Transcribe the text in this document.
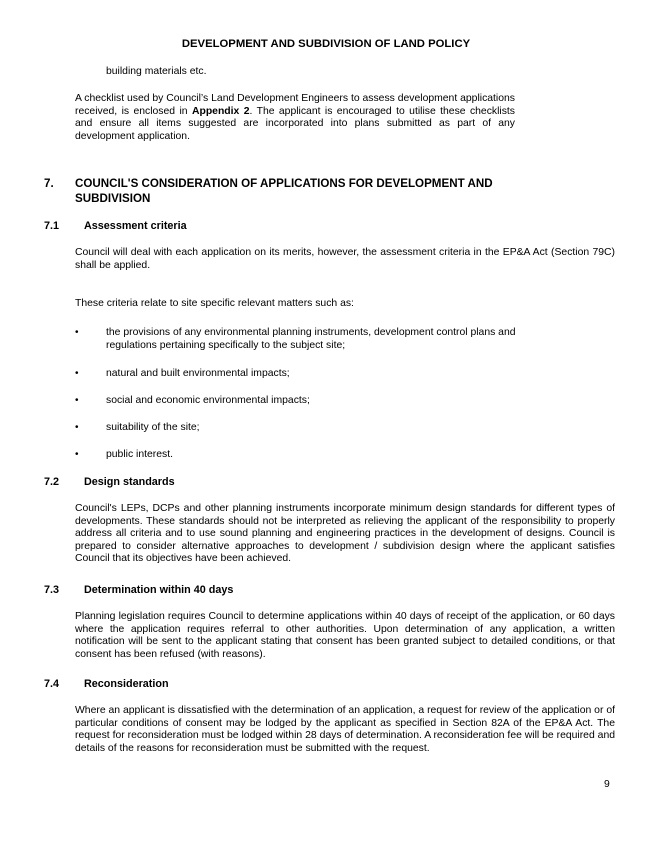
DEVELOPMENT AND SUBDIVISION OF LAND POLICY
building materials etc.
A checklist used by Council’s Land Development Engineers to assess development applications received, is enclosed in Appendix 2. The applicant is encouraged to utilise these checklists and ensure all items suggested are incorporated into plans submitted as part of any development application.
7. COUNCIL'S CONSIDERATION OF APPLICATIONS FOR DEVELOPMENT AND SUBDIVISION
7.1 Assessment criteria
Council will deal with each application on its merits, however, the assessment criteria in the EP&A Act (Section 79C) shall be applied.
These criteria relate to site specific relevant matters such as:
•	the provisions of any environmental planning instruments, development control plans and regulations pertaining specifically to the subject site;
•	natural and built environmental impacts;
•	social and economic environmental impacts;
•	suitability of the site;
•	public interest.
7.2 Design standards
Council's LEPs, DCPs and other planning instruments incorporate minimum design standards for different types of developments. These standards should not be interpreted as relieving the applicant of the responsibility to properly address all criteria and to use sound planning and engineering practices in the development of designs. Council is prepared to consider alternative approaches to development / subdivision design where the applicant satisfies Council that its objectives have been achieved.
7.3 Determination within 40 days
Planning legislation requires Council to determine applications within 40 days of receipt of the application, or 60 days where the application requires referral to other authorities. Upon determination of any application, a written notification will be sent to the applicant stating that consent has been granted subject to detailed conditions, or that consent has been refused (with reasons).
7.4 Reconsideration
Where an applicant is dissatisfied with the determination of an application, a request for review of the application or of particular conditions of consent may be lodged by the applicant as specified in Section 82A of the EP&A Act. The request for reconsideration must be lodged within 28 days of determination. A reconsideration fee will be required and details of the reasons for reconsideration must be submitted with the request.
9
